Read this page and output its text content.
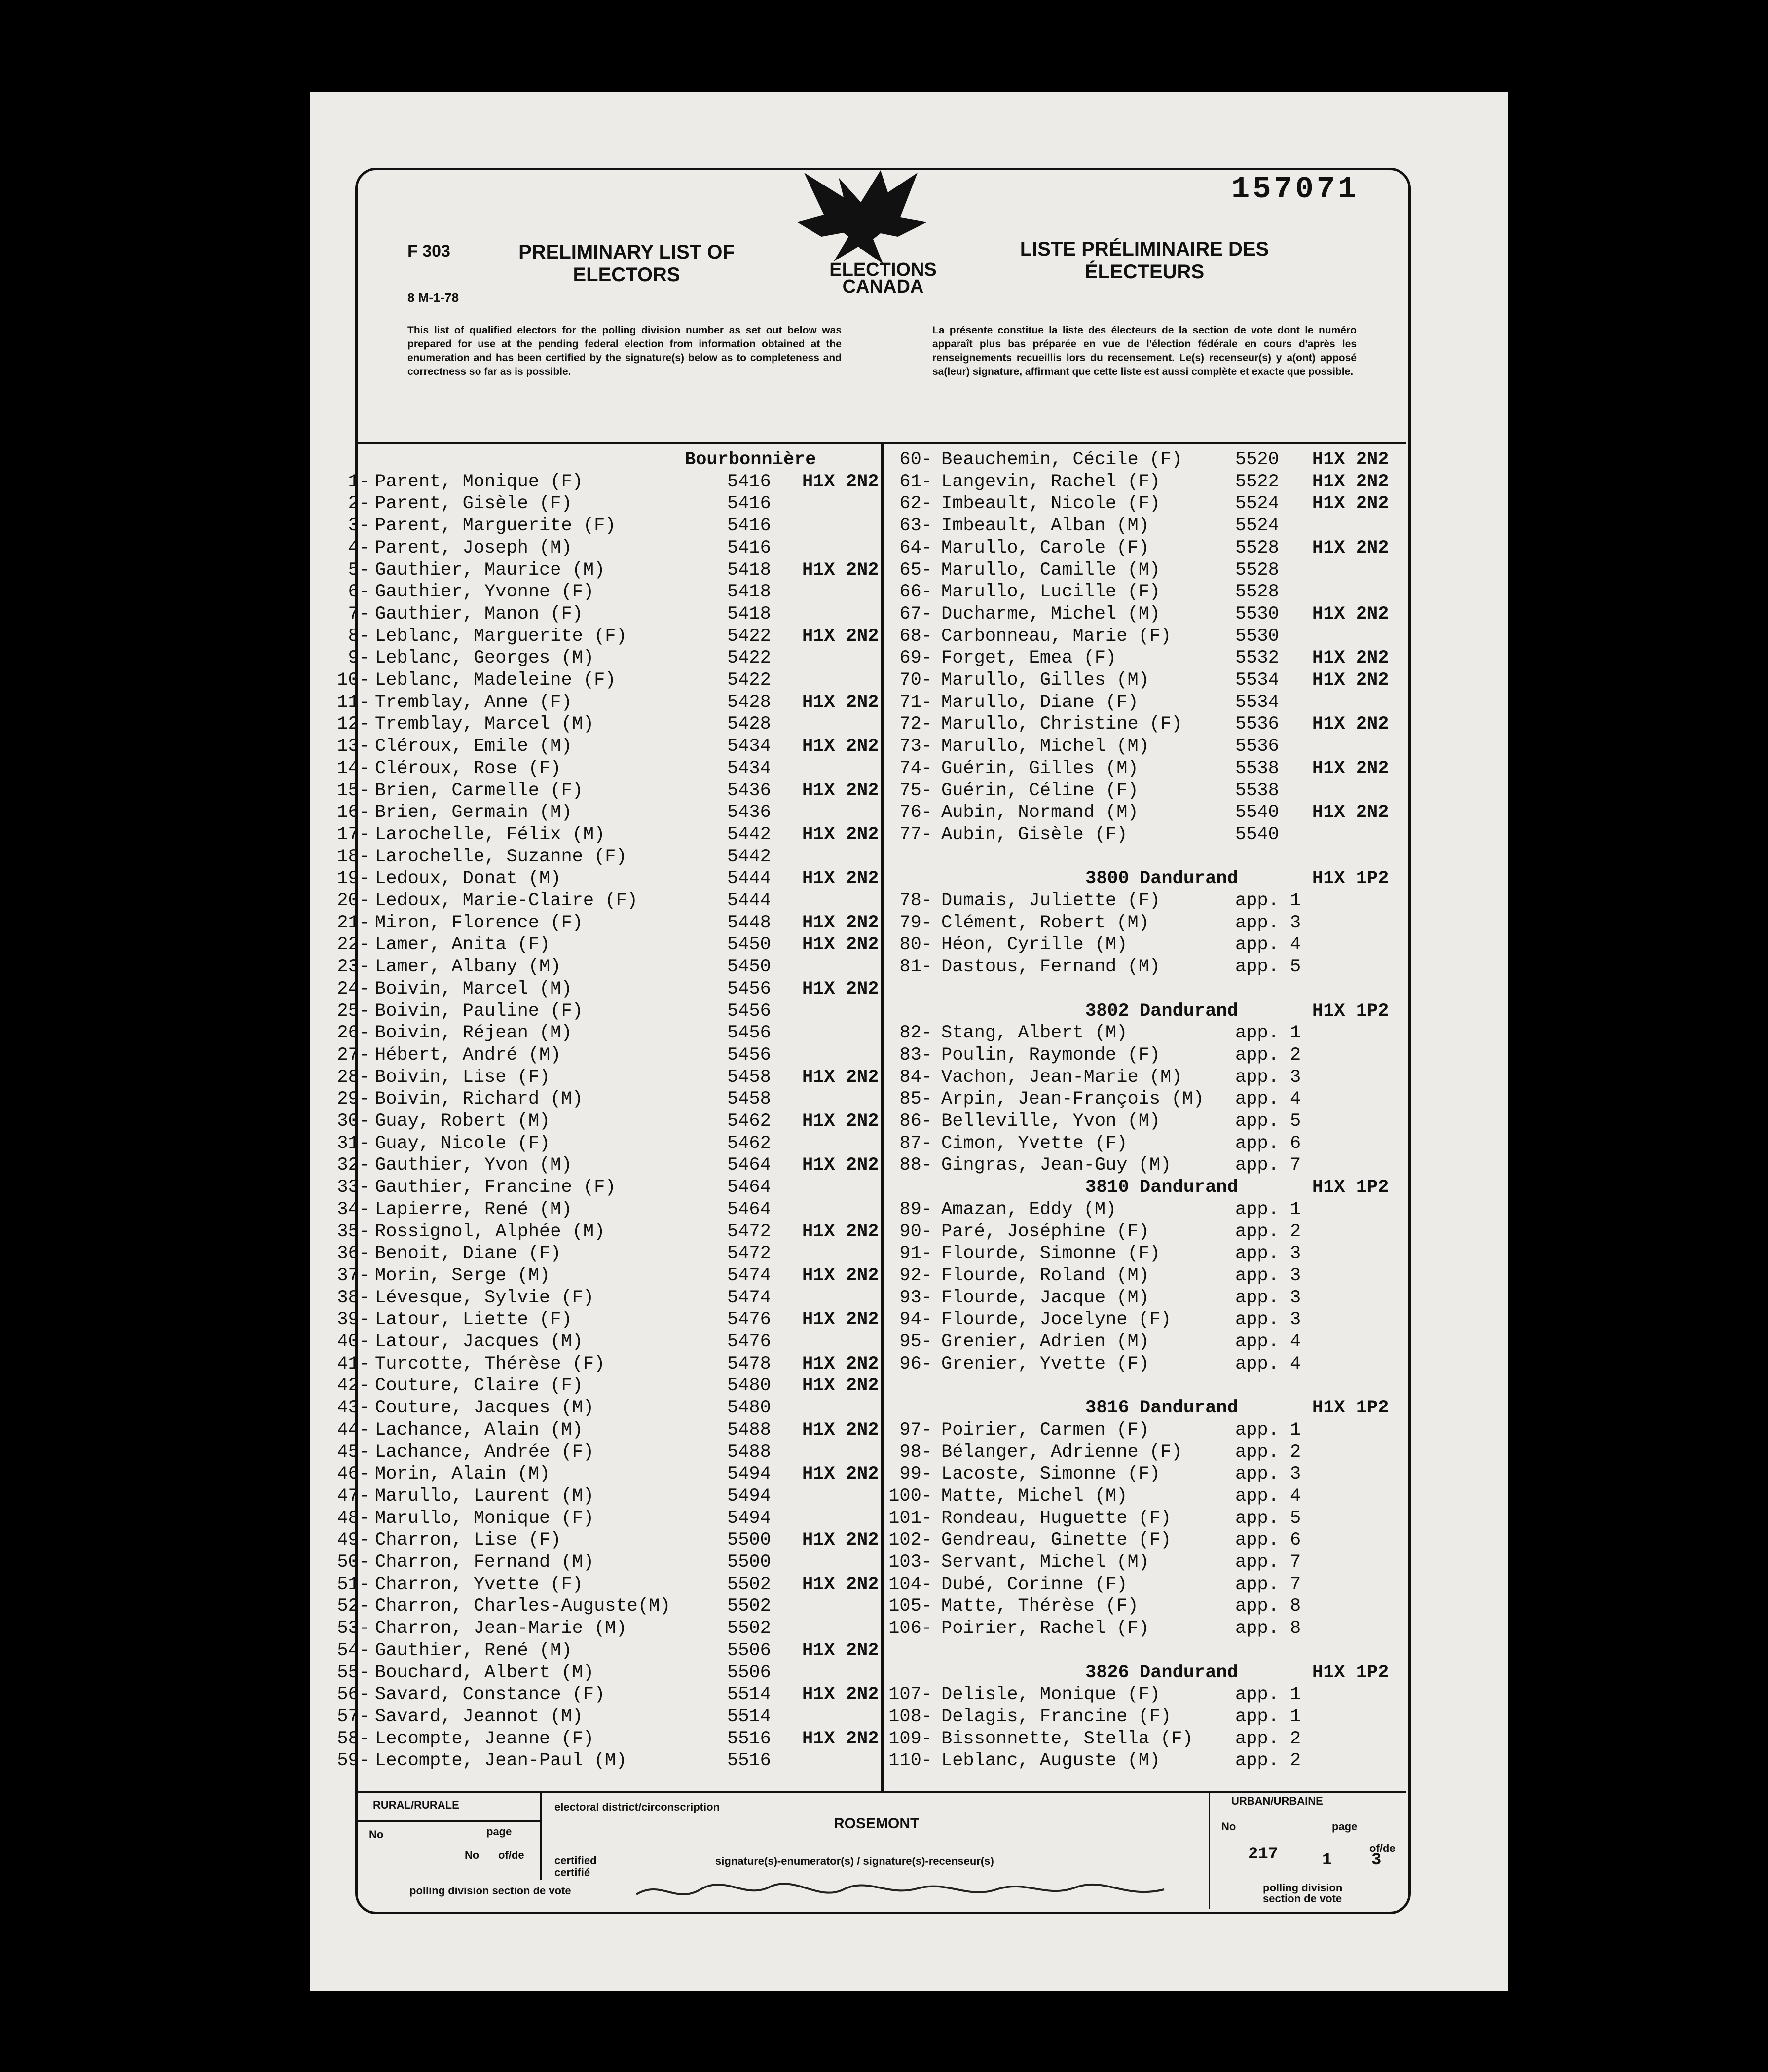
157071
ELECTIONS CANADA
F 303
8 M-1-78
PRELIMINARY LIST OF ELECTORS
LISTE PRÉLIMINAIRE DES ÉLECTEURS
This list of qualified electors for the polling division number as set out below was prepared for use at the pending federal election from information obtained at the enumeration and has been certified by the signature(s) below as to completeness and correctness so far as is possible.
La présente constitue la liste des électeurs de la section de vote dont le numéro apparaît plus bas préparée en vue de l'élection fédérale en cours d'après les renseignements recueillis lors du recensement. Le(s) recenseur(s) y a(ont) apposé sa(leur) signature, affirmant que cette liste est aussi complète et exacte que possible.
Bourbonnière
1- Parent, Monique (F)	5416 H1X 2N2
2- Parent, Gisèle (F)	5416
3- Parent, Marguerite (F)	5416
4- Parent, Joseph (M)	5416
5- Gauthier, Maurice (M)	5418 H1X 2N2
6- Gauthier, Yvonne (F)	5418
7- Gauthier, Manon (F)	5418
8- Leblanc, Marguerite (F)	5422 H1X 2N2
9- Leblanc, Georges (M)	5422
10- Leblanc, Madeleine (F)	5422
11- Tremblay, Anne (F)	5428 H1X 2N2
12- Tremblay, Marcel (M)	5428
13- Cléroux, Emile (M)	5434 H1X 2N2
14- Cléroux, Rose (F)	5434
15- Brien, Carmelle (F)	5436 H1X 2N2
16- Brien, Germain (M)	5436
17- Larochelle, Félix (M)	5442 H1X 2N2
18- Larochelle, Suzanne (F)	5442
19- Ledoux, Donat (M)	5444 H1X 2N2
20- Ledoux, Marie-Claire (F)	5444
21- Miron, Florence (F)	5448 H1X 2N2
22- Lamer, Anita (F)	5450 H1X 2N2
23- Lamer, Albany (M)	5450
24- Boivin, Marcel (M)	5456 H1X 2N2
25- Boivin, Pauline (F)	5456
26- Boivin, Réjean (M)	5456
27- Hébert, André (M)	5456
28- Boivin, Lise (F)	5458 H1X 2N2
29- Boivin, Richard (M)	5458
30- Guay, Robert (M)	5462 H1X 2N2
31- Guay, Nicole (F)	5462
32- Gauthier, Yvon (M)	5464 H1X 2N2
33- Gauthier, Francine (F)	5464
34- Lapierre, René (M)	5464
35- Rossignol, Alphée (M)	5472 H1X 2N2
36- Benoit, Diane (F)	5472
37- Morin, Serge (M)	5474 H1X 2N2
38- Lévesque, Sylvie (F)	5474
39- Latour, Liette (F)	5476 H1X 2N2
40- Latour, Jacques (M)	5476
41- Turcotte, Thérèse (F)	5478 H1X 2N2
42- Couture, Claire (F)	5480 H1X 2N2
43- Couture, Jacques (M)	5480
44- Lachance, Alain (M)	5488 H1X 2N2
45- Lachance, Andrée (F)	5488
46- Morin, Alain (M)	5494 H1X 2N2
47- Marullo, Laurent (M)	5494
48- Marullo, Monique (F)	5494
49- Charron, Lise (F)	5500 H1X 2N2
50- Charron, Fernand (M)	5500
51- Charron, Yvette (F)	5502 H1X 2N2
52- Charron, Charles-Auguste(M)	5502
53- Charron, Jean-Marie (M)	5502
54- Gauthier, René (M)	5506 H1X 2N2
55- Bouchard, Albert (M)	5506
56- Savard, Constance (F)	5514 H1X 2N2
57- Savard, Jeannot (M)	5514
58- Lecompte, Jeanne (F)	5516 H1X 2N2
59- Lecompte, Jean-Paul (M)	5516
60- Beauchemin, Cécile (F)	5520 H1X 2N2
61- Langevin, Rachel (F)	5522 H1X 2N2
62- Imbeault, Nicole (F)	5524 H1X 2N2
63- Imbeault, Alban (M)	5524
64- Marullo, Carole (F)	5528 H1X 2N2
65- Marullo, Camille (M)	5528
66- Marullo, Lucille (F)	5528
67- Ducharme, Michel (M)	5530 H1X 2N2
68- Carbonneau, Marie (F)	5530
69- Forget, Emea (F)	5532 H1X 2N2
70- Marullo, Gilles (M)	5534 H1X 2N2
71- Marullo, Diane (F)	5534
72- Marullo, Christine (F)	5536 H1X 2N2
73- Marullo, Michel (M)	5536
74- Guérin, Gilles (M)	5538 H1X 2N2
75- Guérin, Céline (F)	5538
76- Aubin, Normand (M)	5540 H1X 2N2
77- Aubin, Gisèle (F)	5540
3800 Dandurand	H1X 1P2
78- Dumais, Juliette (F)	app. 1
79- Clément, Robert (M)	app. 3
80- Héon, Cyrille (M)	app. 4
81- Dastous, Fernand (M)	app. 5
3802 Dandurand	H1X 1P2
82- Stang, Albert (M)	app. 1
83- Poulin, Raymonde (F)	app. 2
84- Vachon, Jean-Marie (M)	app. 3
85- Arpin, Jean-François (M) app. 4
86- Belleville, Yvon (M)	app. 5
87- Cimon, Yvette (F)	app. 6
88- Gingras, Jean-Guy (M)	app. 7
3810 Dandurand	H1X 1P2
89- Amazan, Eddy (M)	app. 1
90- Paré, Joséphine (F)	app. 2
91- Flourde, Simonne (F)	app. 3
92- Flourde, Roland (M)	app. 3
93- Flourde, Jacque (M)	app. 3
94- Flourde, Jocelyne (F)	app. 3
95- Grenier, Adrien (M)	app. 4
96- Grenier, Yvette (F)	app. 4
3816 Dandurand	H1X 1P2
97- Poirier, Carmen (F)	app. 1
98- Bélanger, Adrienne (F)	app. 2
99- Lacoste, Simonne (F)	app. 3
100- Matte, Michel (M)	app. 4
101- Rondeau, Huguette (F)	app. 5
102- Gendreau, Ginette (F)	app. 6
103- Servant, Michel (M)	app. 7
104- Dubé, Corinne (F)	app. 7
105- Matte, Thérèse (F)	app. 8
106- Poirier, Rachel (F)	app. 8
3826 Dandurand	H1X 1P2
107- Delisle, Monique (F)	app. 1
108- Delagis, Francine (F)	app. 1
109- Bissonnette, Stella (F) app. 2
110- Leblanc, Auguste (M)	app. 2
RURAL/RURALE
No	page
No of/de
polling division section de vote
electoral district/circonscription
ROSEMONT
certified certifié
signature(s)-enumerator(s) / signature(s)-recenseur(s)
URBAN/URBAINE
No	page
217	1
of/de
3
polling division section de vote
